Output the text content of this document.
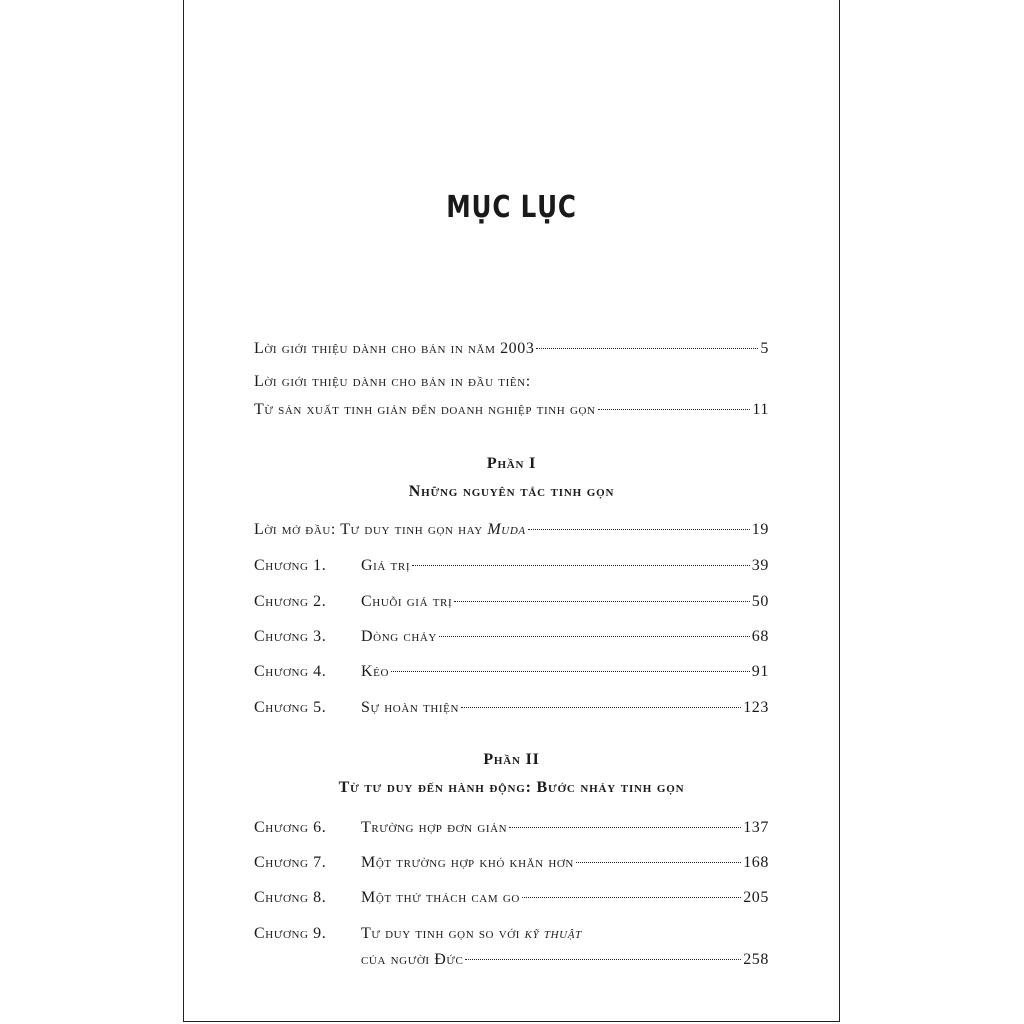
MỤC LỤC
Lời giới thiệu dành cho bản in năm 2003	5
Lời giới thiệu dành cho bản in đầu tiên:
Từ sản xuất tinh giản đến doanh nghiệp tinh gọn	11
Phần I
Những nguyên tắc tinh gọn
Lời mở đầu: Tư duy tinh gọn hay Muda	19
Chương 1.	Giá trị	39
Chương 2.	Chuỗi giá trị	50
Chương 3.	Dòng chảy	68
Chương 4.	Kéo	91
Chương 5.	Sự hoàn thiện	123
Phần II
Từ tư duy đến hành động: Bước nhảy tinh gọn
Chương 6.	Trường hợp đơn giản	137
Chương 7.	Một trường hợp khó khăn hơn	168
Chương 8.	Một thử thách cam go	205
Chương 9.	Tư duy tinh gọn so với kỹ thuật
của người Đức	258
